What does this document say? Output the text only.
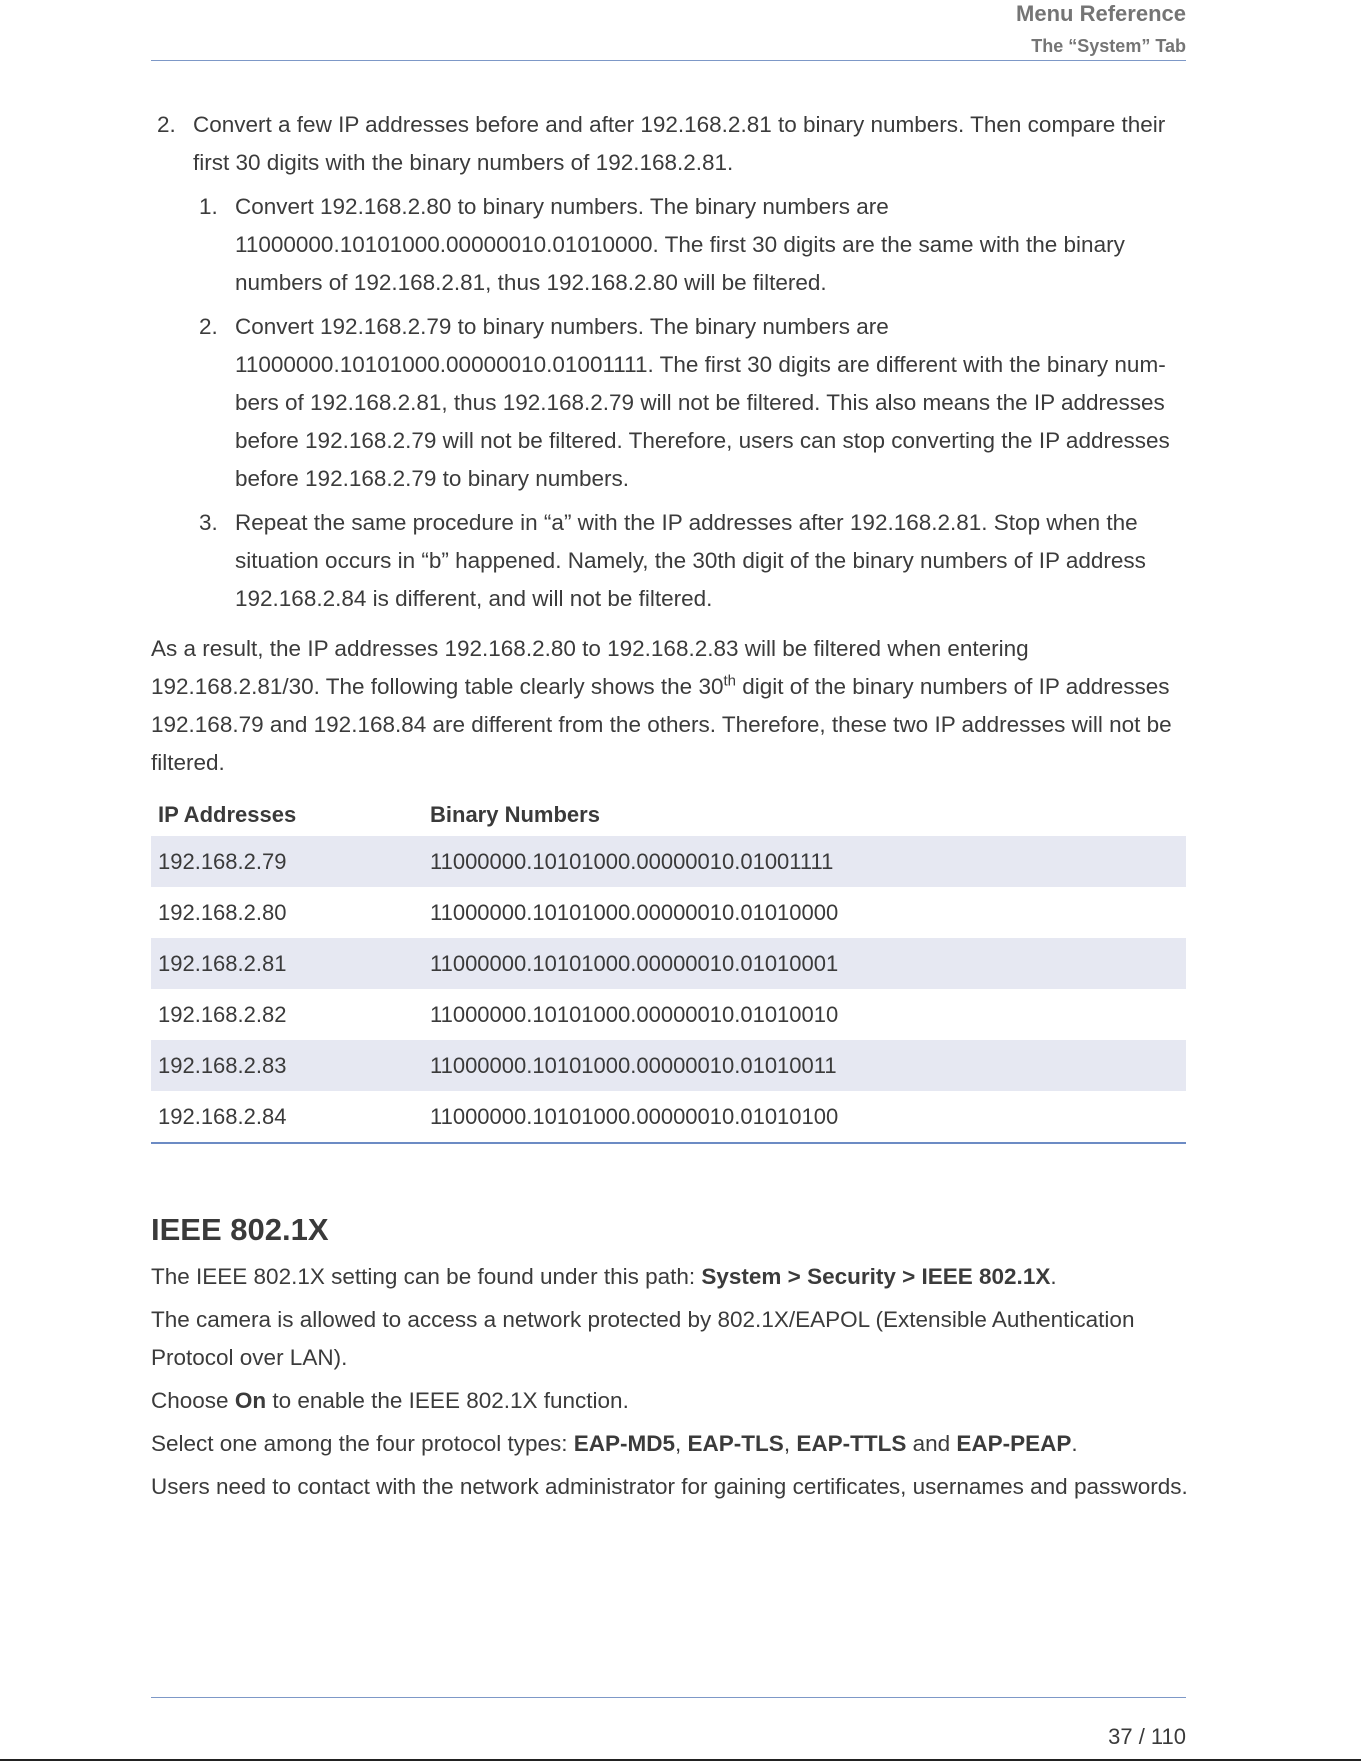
Menu Reference
The “System” Tab
2. Convert a few IP addresses before and after 192.168.2.81 to binary numbers. Then compare their first 30 digits with the binary numbers of 192.168.2.81.
1. Convert 192.168.2.80 to binary numbers. The binary numbers are 11000000.10101000.00000010.01010000. The first 30 digits are the same with the binary numbers of 192.168.2.81, thus 192.168.2.80 will be filtered.
2. Convert 192.168.2.79 to binary numbers. The binary numbers are 11000000.10101000.00000010.01001111. The first 30 digits are different with the binary numbers of 192.168.2.81, thus 192.168.2.79 will not be filtered. This also means the IP addresses before 192.168.2.79 will not be filtered. Therefore, users can stop converting the IP addresses before 192.168.2.79 to binary numbers.
3. Repeat the same procedure in “a” with the IP addresses after 192.168.2.81. Stop when the situation occurs in “b” happened. Namely, the 30th digit of the binary numbers of IP address 192.168.2.84 is different, and will not be filtered.
As a result, the IP addresses 192.168.2.80 to 192.168.2.83 will be filtered when entering 192.168.2.81/30. The following table clearly shows the 30th digit of the binary numbers of IP addresses 192.168.79 and 192.168.84 are different from the others. Therefore, these two IP addresses will not be filtered.
IP Addresses	Binary Numbers
192.168.2.79	11000000.10101000.00000010.01001111
192.168.2.80	11000000.10101000.00000010.01010000
192.168.2.81	11000000.10101000.00000010.01010001
192.168.2.82	11000000.10101000.00000010.01010010
192.168.2.83	11000000.10101000.00000010.01010011
192.168.2.84	11000000.10101000.00000010.01010100
IEEE 802.1X
The IEEE 802.1X setting can be found under this path: System > Security > IEEE 802.1X.
The camera is allowed to access a network protected by 802.1X/EAPOL (Extensible Authentication Protocol over LAN).
Choose On to enable the IEEE 802.1X function.
Select one among the four protocol types: EAP-MD5, EAP-TLS, EAP-TTLS and EAP-PEAP.
Users need to contact with the network administrator for gaining certificates, usernames and passwords.
37 / 110
